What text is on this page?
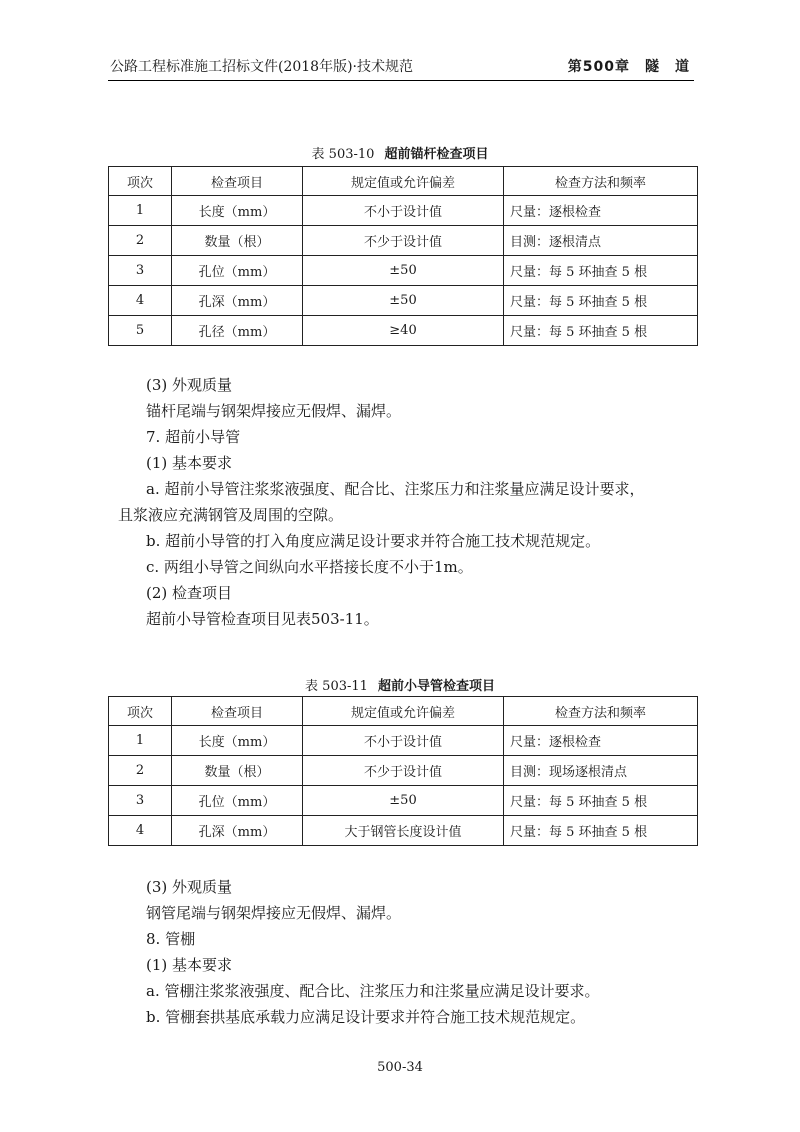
公路工程标准施工招标文件(2018年版)·技术规范	第500章　隧　道
表 503-10 超前锚杆检查项目
项次	检查项目	规定值或允许偏差	检查方法和频率
1	长度（mm）	不小于设计值	尺量：逐根检查
2	数量（根）	不少于设计值	目测：逐根清点
3	孔位（mm）	±50	尺量：每 5 环抽查 5 根
4	孔深（mm）	±50	尺量：每 5 环抽查 5 根
5	孔径（mm）	≥40	尺量：每 5 环抽查 5 根
(3) 外观质量
锚杆尾端与钢架焊接应无假焊、漏焊。
7. 超前小导管
(1) 基本要求
a. 超前小导管注浆浆液强度、配合比、注浆压力和注浆量应满足设计要求，
且浆液应充满钢管及周围的空隙。
b. 超前小导管的打入角度应满足设计要求并符合施工技术规范规定。
c. 两组小导管之间纵向水平搭接长度不小于1m。
(2) 检查项目
超前小导管检查项目见表503-11。
表 503-11 超前小导管检查项目
项次	检查项目	规定值或允许偏差	检查方法和频率
1	长度（mm）	不小于设计值	尺量：逐根检查
2	数量（根）	不少于设计值	目测：现场逐根清点
3	孔位（mm）	±50	尺量：每 5 环抽查 5 根
4	孔深（mm）	大于钢管长度设计值	尺量：每 5 环抽查 5 根
(3) 外观质量
钢管尾端与钢架焊接应无假焊、漏焊。
8. 管棚
(1) 基本要求
a. 管棚注浆浆液强度、配合比、注浆压力和注浆量应满足设计要求。
b. 管棚套拱基底承载力应满足设计要求并符合施工技术规范规定。
500-34
